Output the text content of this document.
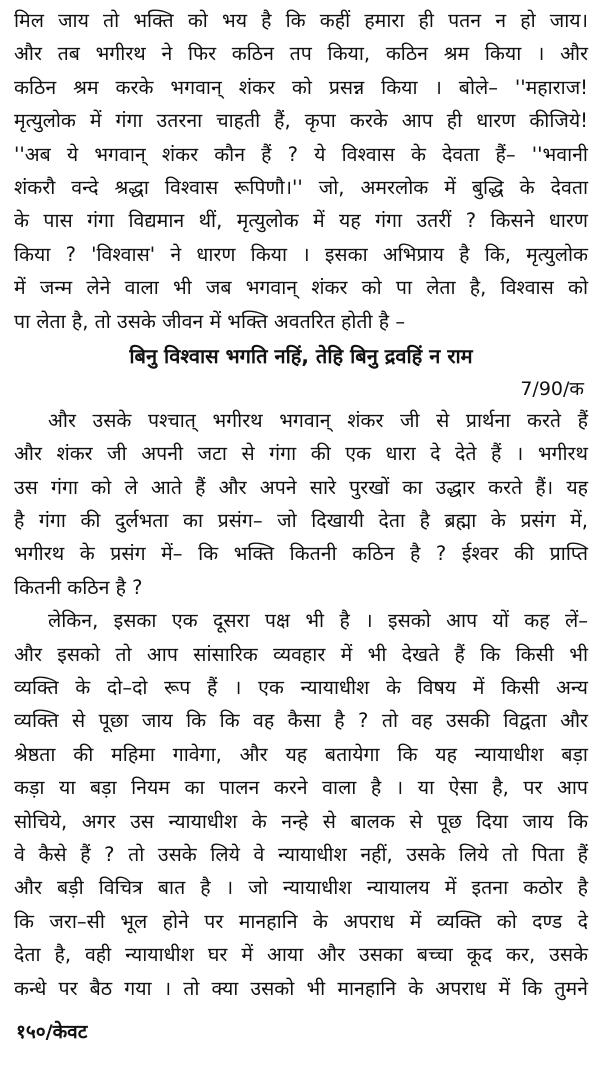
मिल जाय तो भक्ति को भय है कि कहीं हमारा ही पतन न हो जाय।
और तब भगीरथ ने फिर कठिन तप किया, कठिन श्रम किया । और
कठिन श्रम करके भगवान् शंकर को प्रसन्न किया । बोले– ''महाराज!
मृत्युलोक में गंगा उतरना चाहती हैं, कृपा करके आप ही धारण कीजिये!
''अब ये भगवान् शंकर कौन हैं ? ये विश्वास के देवता हैं– ''भवानी
शंकरौ वन्दे श्रद्धा विश्वास रूपिणौ।'' जो, अमरलोक में बुद्धि के देवता
के पास गंगा विद्यमान थीं, मृत्युलोक में यह गंगा उतरीं ? किसने धारण
किया ? 'विश्वास' ने धारण किया । इसका अभिप्राय है कि, मृत्युलोक
में जन्म लेने वाला भी जब भगवान् शंकर को पा लेता है, विश्वास को
पा लेता है, तो उसके जीवन में भक्ति अवतरित होती है –
बिनु विश्वास भगति नहिं, तेहि बिनु द्रवहिं न राम
7/90/क
और उसके पश्चात् भगीरथ भगवान् शंकर जी से प्रार्थना करते हैं
और शंकर जी अपनी जटा से गंगा की एक धारा दे देते हैं । भगीरथ
उस गंगा को ले आते हैं और अपने सारे पुरखों का उद्धार करते हैं। यह
है गंगा की दुर्लभता का प्रसंग– जो दिखायी देता है ब्रह्मा के प्रसंग में,
भगीरथ के प्रसंग में– कि भक्ति कितनी कठिन है ? ईश्वर की प्राप्ति
कितनी कठिन है ?
लेकिन, इसका एक दूसरा पक्ष भी है । इसको आप यों कह लें–
और इसको तो आप सांसारिक व्यवहार में भी देखते हैं कि किसी भी
व्यक्ति के दो–दो रूप हैं । एक न्यायाधीश के विषय में किसी अन्य
व्यक्ति से पूछा जाय कि कि वह कैसा है ? तो वह उसकी विद्वता और
श्रेष्ठता की महिमा गावेगा, और यह बतायेगा कि यह न्यायाधीश बड़ा
कड़ा या बड़ा नियम का पालन करने वाला है । या ऐसा है, पर आप
सोचिये, अगर उस न्यायाधीश के नन्हे से बालक से पूछ दिया जाय कि
वे कैसे हैं ? तो उसके लिये वे न्यायाधीश नहीं, उसके लिये तो पिता हैं
और बड़ी विचित्र बात है । जो न्यायाधीश न्यायालय में इतना कठोर है
कि जरा–सी भूल होने पर मानहानि के अपराध में व्यक्ति को दण्ड दे
देता है, वही न्यायाधीश घर में आया और उसका बच्चा कूद कर, उसके
कन्धे पर बैठ गया । तो क्या उसको भी मानहानि के अपराध में कि तुमने
१५०/केवट
